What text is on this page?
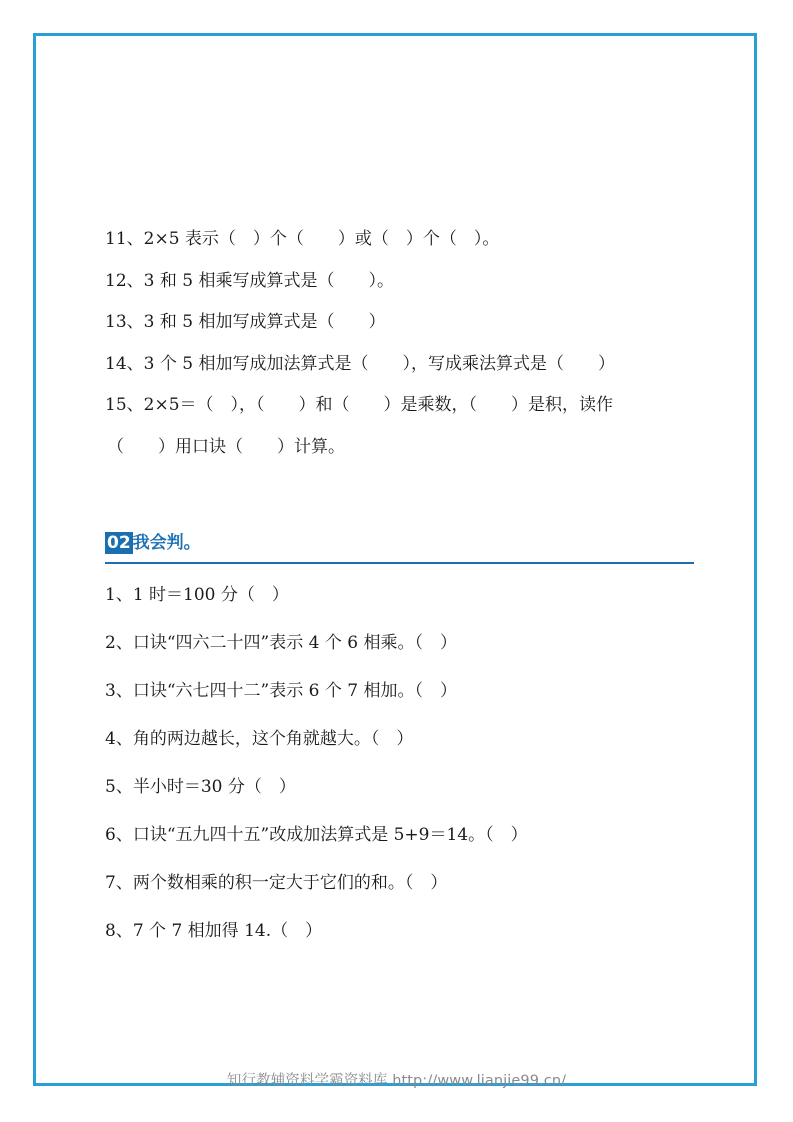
11、2×5 表示（　）个（　　）或（　）个（　）。
12、3 和 5 相乘写成算式是（　　）。
13、3 和 5 相加写成算式是（　　）
14、3 个 5 相加写成加法算式是（　　），写成乘法算式是（　　）
15、2×5＝（　），（　　）和（　　）是乘数，（　　）是积，读作
（　　）用口诀（　　）计算。
02 我会判。
1、1 时＝100 分（　）
2、口诀“四六二十四”表示 4 个 6 相乘。（　）
3、口诀“六七四十二”表示 6 个 7 相加。（　）
4、角的两边越长，这个角就越大。（　）
5、半小时＝30 分（　）
6、口诀“五九四十五”改成加法算式是 5+9＝14。（　）
7、两个数相乘的积一定大于它们的和。（　）
8、7 个 7 相加得 14.（　）
知行教辅资料学霸资料库 http://www.lianjie99.cn/
